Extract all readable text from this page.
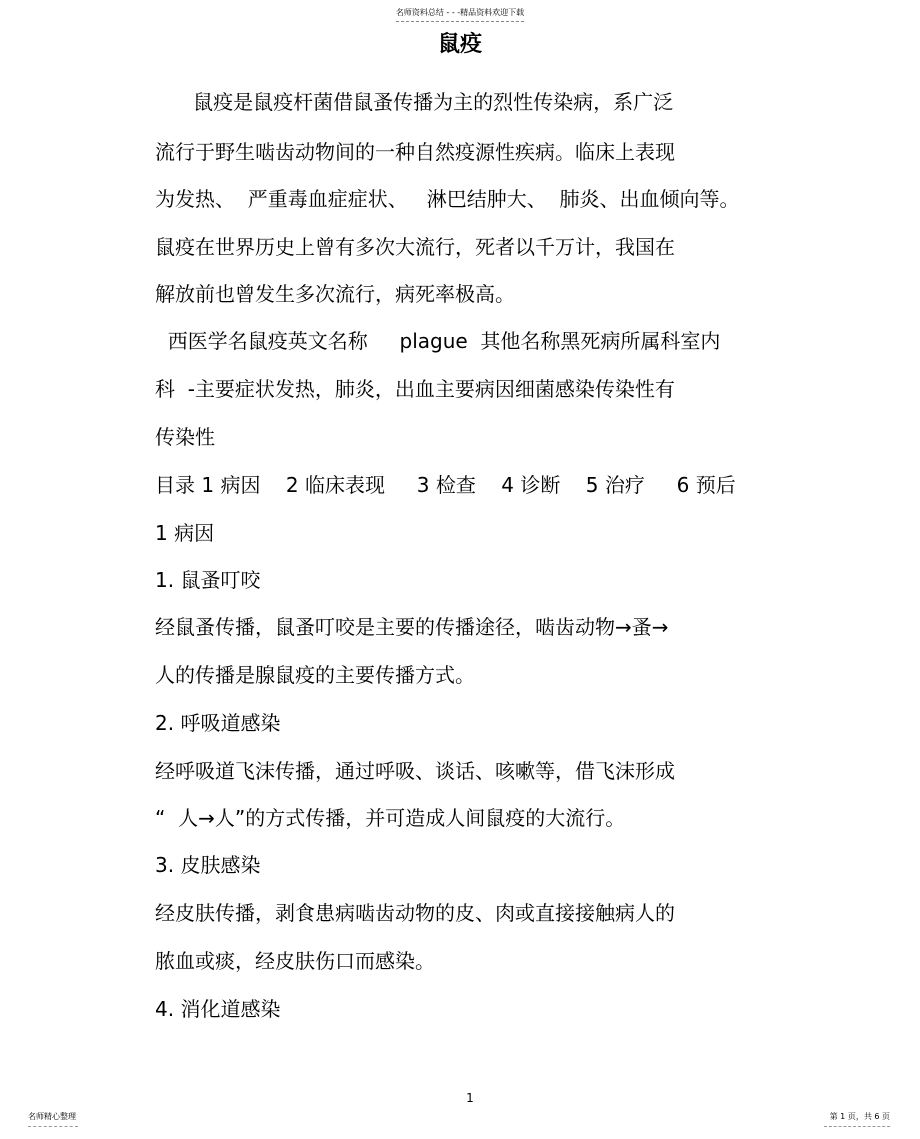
名师资料总结 - - -精品资料欢迎下载
鼠疫
鼠疫是鼠疫杆菌借鼠蚤传播为主的烈性传染病，系广泛
流行于野生啮齿动物间的一种自然疫源性疾病。临床上表现
为发热、  严重毒血症症状、   淋巴结肿大、  肺炎、出血倾向等。
鼠疫在世界历史上曾有多次大流行，死者以千万计，我国在
解放前也曾发生多次流行，病死率极高。
西医学名鼠疫英文名称     plague  其他名称黑死病所属科室内
科  -主要症状发热，肺炎，出血主要病因细菌感染传染性有
传染性
目录 1 病因    2 临床表现     3 检查    4 诊断    5 治疗     6 预后
1 病因
1. 鼠蚤叮咬
经鼠蚤传播，鼠蚤叮咬是主要的传播途径，啮齿动物→蚤→
人的传播是腺鼠疫的主要传播方式。
2. 呼吸道感染
经呼吸道飞沫传播，通过呼吸、谈话、咳嗽等，借飞沫形成
“  人→人”的方式传播，并可造成人间鼠疫的大流行。
3. 皮肤感染
经皮肤传播，剥食患病啮齿动物的皮、肉或直接接触病人的
脓血或痰，经皮肤伤口而感染。
4. 消化道感染
1
名师精心整理	第 1 页，共 6 页
